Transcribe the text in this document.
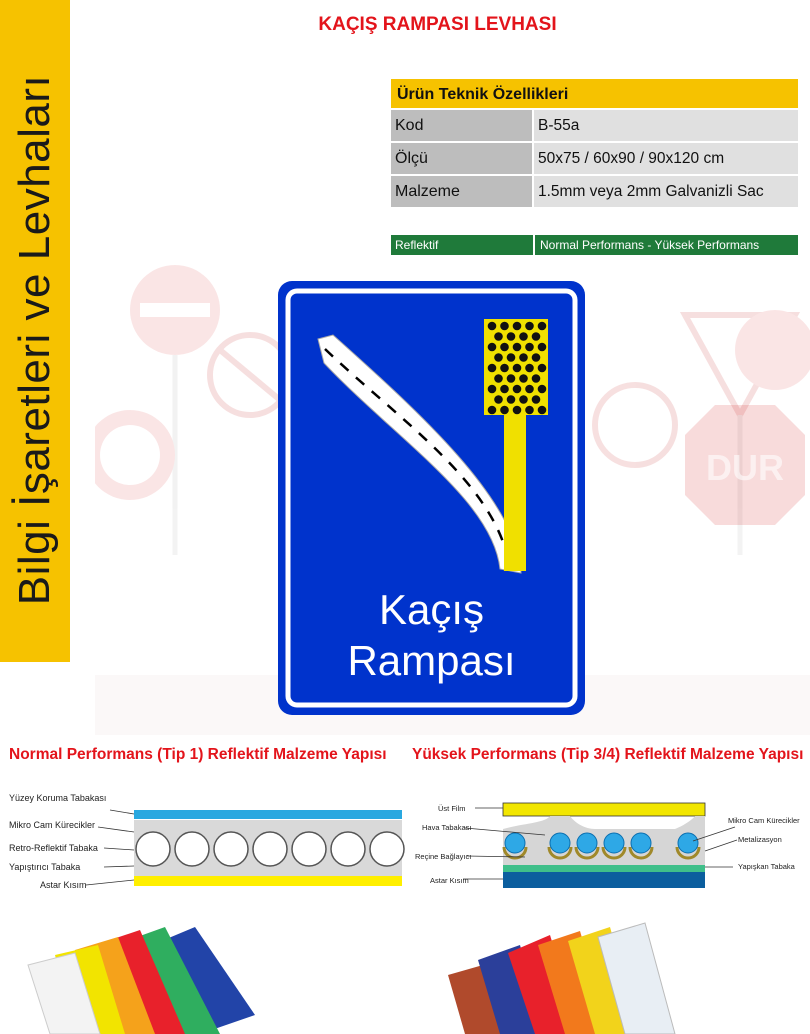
Bilgi İşaretleri ve Levhaları
KAÇIŞ RAMPASI LEVHASI
Ürün Teknik Özellikleri
Kod	B-55a
Ölçü	50x75 / 60x90 / 90x120 cm
Malzeme	1.5mm veya 2mm Galvanizli Sac
Reflektif	Normal Performans - Yüksek Performans
DUR
Kaçış
Rampası
Normal Performans (Tip 1) Reflektif Malzeme Yapısı Yüksek Performans (Tip 3/4) Reflektif Malzeme Yapısı
Yüzey Koruma Tabakası
Mikro Cam Kürecikler
Retro-Reflektif Tabaka
Yapıştırıcı Tabaka
Astar Kısım
Üst Film
Hava Tabakası
Reçine Bağlayıcı
Astar Kısım
Mikro Cam Kürecikler
Metalizasyon
Yapışkan Tabaka
